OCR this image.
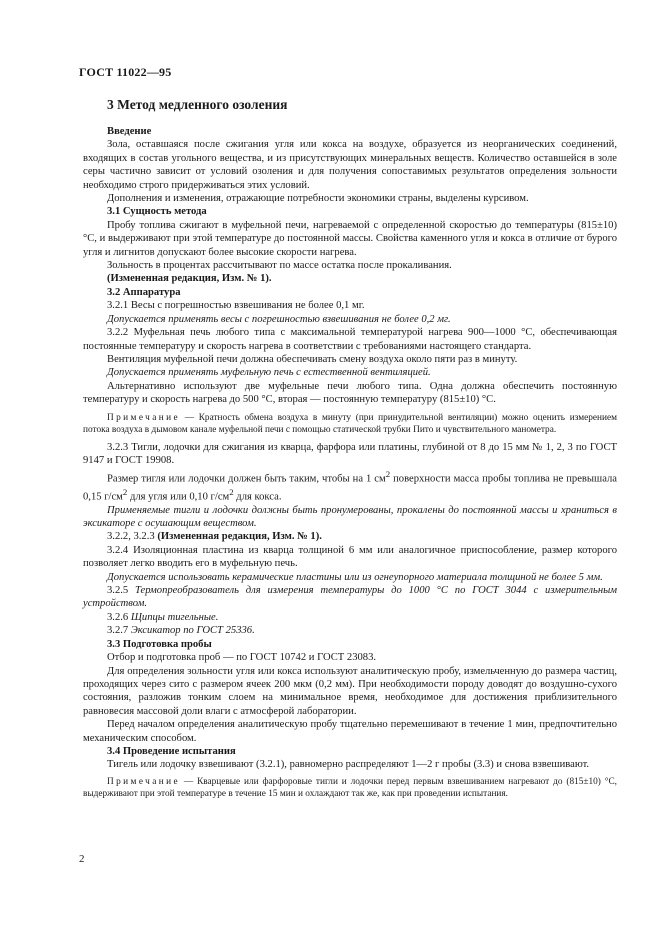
ГОСТ 11022—95
3 Метод медленного озоления

Введение

Зола, оставшаяся после сжигания угля или кокса на воздухе, образуется из неорганических соединений, входящих в состав угольного вещества, и из присутствующих минеральных веществ. Количество оставшейся в золе серы частично зависит от условий озоления и для получения сопоставимых результатов определения зольности необходимо строго придерживаться этих условий.

Дополнения и изменения, отражающие потребности экономики страны, выделены курсивом.

3.1 Сущность метода

Пробу топлива сжигают в муфельной печи, нагреваемой с определенной скоростью до температуры (815±10) °С, и выдерживают при этой температуре до постоянной массы. Свойства каменного угля и кокса в отличие от бурого угля и лигнитов допускают более высокие скорости нагрева.

Зольность в процентах рассчитывают по массе остатка после прокаливания.

(Измененная редакция, Изм. № 1).

3.2 Аппаратура

3.2.1 Весы с погрешностью взвешивания не более 0,1 мг.

Допускается применять весы с погрешностью взвешивания не более 0,2 мг.

3.2.2 Муфельная печь любого типа с максимальной температурой нагрева 900—1000 °С, обеспечивающая постоянные температуру и скорость нагрева в соответствии с требованиями настоящего стандарта.

Вентиляция муфельной печи должна обеспечивать смену воздуха около пяти раз в минуту.

Допускается применять муфельную печь с естественной вентиляцией.

Альтернативно используют две муфельные печи любого типа. Одна должна обеспечить постоянную температуру и скорость нагрева до 500 °С, вторая — постоянную температуру (815±10) °С.

Примечание — Кратность обмена воздуха в минуту (при принудительной вентиляции) можно оценить измерением потока воздуха в дымовом канале муфельной печи с помощью статической трубки Пито и чувствительного манометра.

3.2.3 Тигли, лодочки для сжигания из кварца, фарфора или платины, глубиной от 8 до 15 мм № 1, 2, 3 по ГОСТ 9147 и ГОСТ 19908.

Размер тигля или лодочки должен быть таким, чтобы на 1 $см^2$ поверхности масса пробы топлива не превышала 0,15 $г/см^2$ для угля или 0,10 $г/см^2$ для кокса.

Применяемые тигли и лодочки должны быть пронумерованы, прокалены до постоянной массы и храниться в эксикаторе с осушающим веществом.

3.2.2, 3.2.3 (Измененная редакция, Изм. № 1).

3.2.4 Изоляционная пластина из кварца толщиной 6 мм или аналогичное приспособление, размер которого позволяет легко вводить его в муфельную печь.

Допускается использовать керамические пластины или из огнеупорного материала толщиной не более 5 мм.

3.2.5 Термопреобразователь для измерения температуры до 1000 °С по ГОСТ 3044 с измерительным устройством.

3.2.6 Щипцы тигельные.

3.2.7 Эксикатор по ГОСТ 25336.

3.3 Подготовка пробы

Отбор и подготовка проб — по ГОСТ 10742 и ГОСТ 23083.

Для определения зольности угля или кокса используют аналитическую пробу, измельченную до размера частиц, проходящих через сито с размером ячеек 200 мкм (0,2 мм). При необходимости породу доводят до воздушно-сухого состояния, разложив тонким слоем на минимальное время, необходимое для достижения приблизительного равновесия массовой доли влаги с атмосферой лаборатории.

Перед началом определения аналитическую пробу тщательно перемешивают в течение 1 мин, предпочтительно механическим способом.

3.4 Проведение испытания

Тигель или лодочку взвешивают (3.2.1), равномерно распределяют 1—2 г пробы (3.3) и снова взвешивают.

Примечание — Кварцевые или фарфоровые тигли и лодочки перед первым взвешиванием нагревают до (815±10) °С, выдерживают при этой температуре в течение 15 мин и охлаждают так же, как при проведении испытания.

2
